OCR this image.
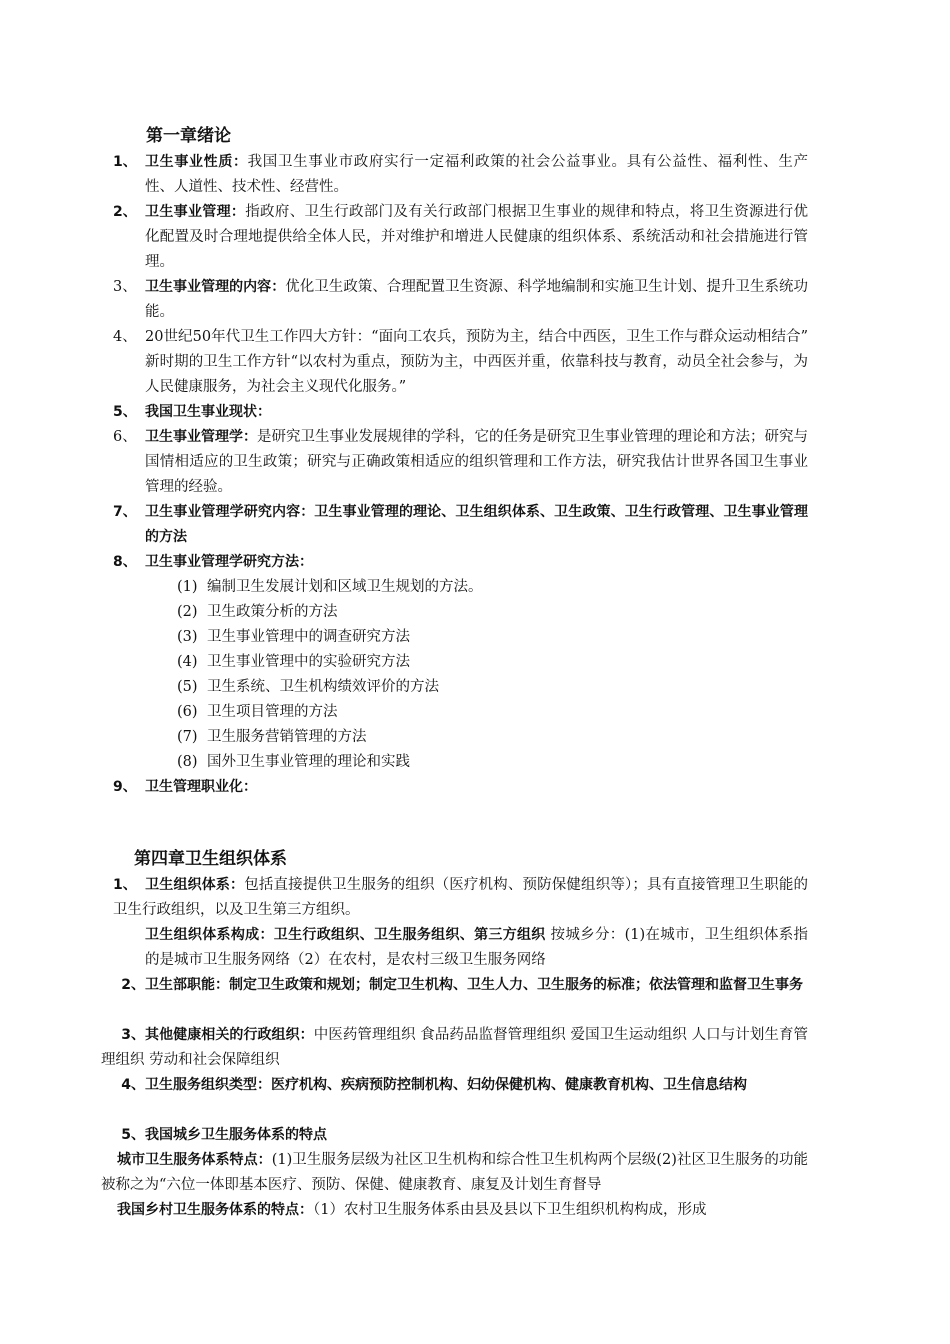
第一章绪论
1、 卫生事业性质：我国卫生事业市政府实行一定福利政策的社会公益事业。具有公益性、福利性、生产性、人道性、技术性、经营性。
2、 卫生事业管理：指政府、卫生行政部门及有关行政部门根据卫生事业的规律和特点，将卫生资源进行优化配置及时合理地提供给全体人民，并对维护和增进人民健康的组织体系、系统活动和社会措施进行管理。
3、 卫生事业管理的内容：优化卫生政策、合理配置卫生资源、科学地编制和实施卫生计划、提升卫生系统功能。
4、 20世纪50年代卫生工作四大方针：“面向工农兵，预防为主，结合中西医，卫生工作与群众运动相结合”　新时期的卫生工作方针“以农村为重点，预防为主，中西医并重，依靠科技与教育，动员全社会参与，为人民健康服务，为社会主义现代化服务。”
5、 我国卫生事业现状：
6、 卫生事业管理学：是研究卫生事业发展规律的学科，它的任务是研究卫生事业管理的理论和方法；研究与国情相适应的卫生政策；研究与正确政策相适应的组织管理和工作方法，研究我估计世界各国卫生事业管理的经验。
7、 卫生事业管理学研究内容：卫生事业管理的理论、卫生组织体系、卫生政策、卫生行政管理、卫生事业管理的方法
8、 卫生事业管理学研究方法：
(1) 编制卫生发展计划和区域卫生规划的方法。
(2) 卫生政策分析的方法
(3) 卫生事业管理中的调查研究方法
(4) 卫生事业管理中的实验研究方法
(5) 卫生系统、卫生机构绩效评价的方法
(6) 卫生项目管理的方法
(7) 卫生服务营销管理的方法
(8) 国外卫生事业管理的理论和实践
9、 卫生管理职业化：
第四章卫生组织体系
1、 卫生组织体系：包括直接提供卫生服务的组织（医疗机构、预防保健组织等）；具有直接管理卫生职能的卫生行政组织，以及卫生第三方组织。
卫生组织体系构成：卫生行政组织、卫生服务组织、第三方组织 按城乡分：(1)在城市，卫生组织体系指的是城市卫生服务网络（2）在农村，是农村三级卫生服务网络
2、卫生部职能：制定卫生政策和规划；制定卫生机构、卫生人力、卫生服务的标准；依法管理和监督卫生事务
3、其他健康相关的行政组织：中医药管理组织 食品药品监督管理组织 爱国卫生运动组织 人口与计划生育管理组织 劳动和社会保障组织
4、卫生服务组织类型：医疗机构、疾病预防控制机构、妇幼保健机构、健康教育机构、卫生信息结构
5、我国城乡卫生服务体系的特点
城市卫生服务体系特点：(1)卫生服务层级为社区卫生机构和综合性卫生机构两个层级(2)社区卫生服务的功能被称之为“六位一体即基本医疗、预防、保健、健康教育、康复及计划生育督导
我国乡村卫生服务体系的特点：（1）农村卫生服务体系由县及县以下卫生组织机构构成，形成
